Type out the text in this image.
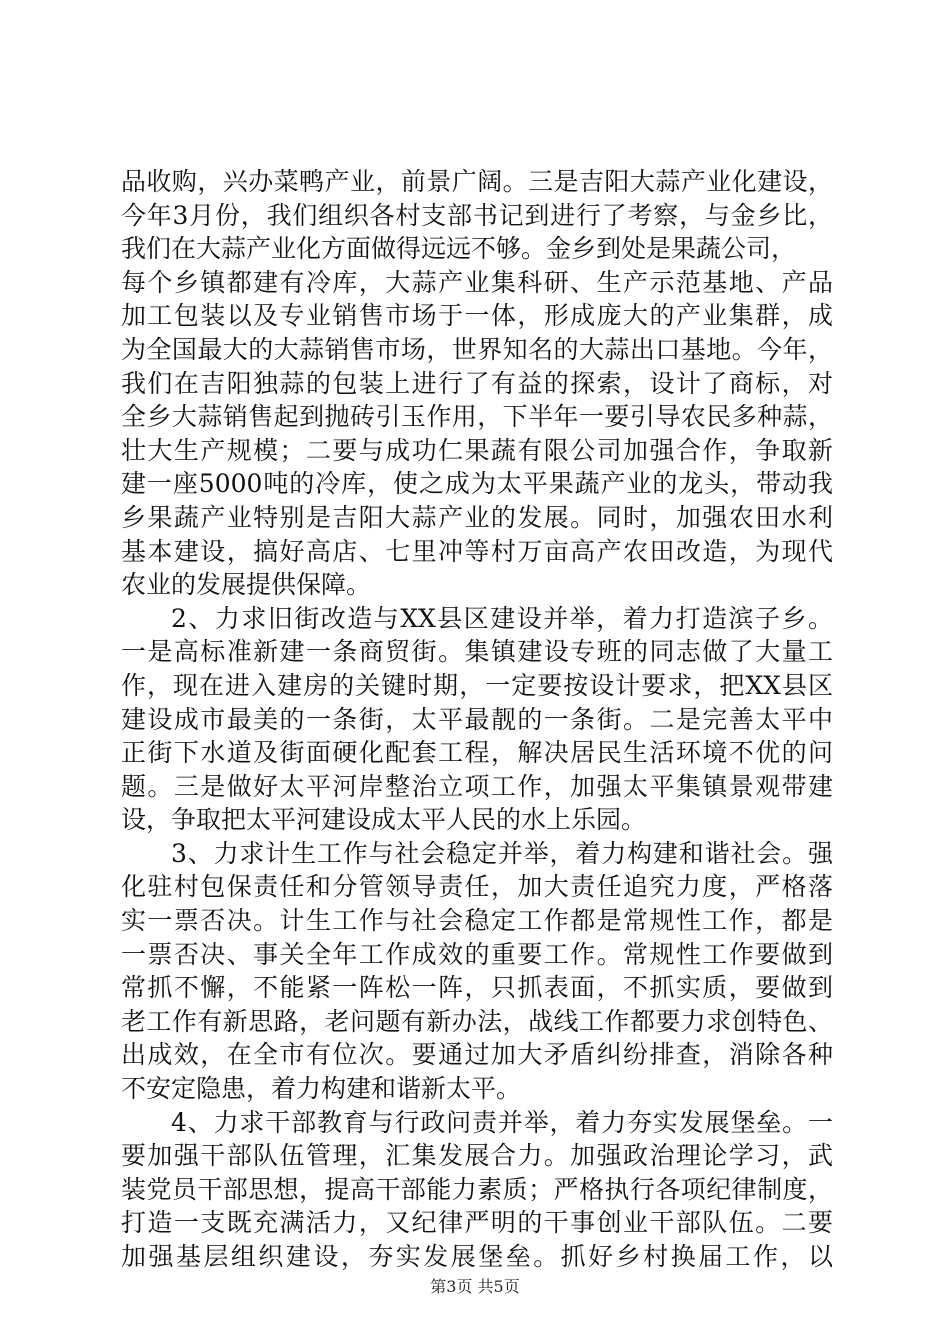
品收购，兴办菜鸭产业，前景广阔。三是吉阳大蒜产业化建设，
今年3月份，我们组织各村支部书记到进行了考察，与金乡比，
我们在大蒜产业化方面做得远远不够。金乡到处是果蔬公司，
每个乡镇都建有冷库，大蒜产业集科研、生产示范基地、产品
加工包装以及专业销售市场于一体，形成庞大的产业集群，成
为全国最大的大蒜销售市场，世界知名的大蒜出口基地。今年，
我们在吉阳独蒜的包装上进行了有益的探索，设计了商标，对
全乡大蒜销售起到抛砖引玉作用，下半年一要引导农民多种蒜，
壮大生产规模；二要与成功仁果蔬有限公司加强合作，争取新
建一座5000吨的冷库，使之成为太平果蔬产业的龙头，带动我
乡果蔬产业特别是吉阳大蒜产业的发展。同时，加强农田水利
基本建设，搞好高店、七里冲等村万亩高产农田改造，为现代
农业的发展提供保障。
2、力求旧街改造与XX县区建设并举，着力打造滨子乡。
一是高标准新建一条商贸街。集镇建设专班的同志做了大量工
作，现在进入建房的关键时期，一定要按设计要求，把XX县区
建设成市最美的一条街，太平最靓的一条街。二是完善太平中
正街下水道及街面硬化配套工程，解决居民生活环境不优的问
题。三是做好太平河岸整治立项工作，加强太平集镇景观带建
设，争取把太平河建设成太平人民的水上乐园。
3、力求计生工作与社会稳定并举，着力构建和谐社会。强
化驻村包保责任和分管领导责任，加大责任追究力度，严格落
实一票否决。计生工作与社会稳定工作都是常规性工作，都是
一票否决、事关全年工作成效的重要工作。常规性工作要做到
常抓不懈，不能紧一阵松一阵，只抓表面，不抓实质，要做到
老工作有新思路，老问题有新办法，战线工作都要力求创特色、
出成效，在全市有位次。要通过加大矛盾纠纷排查，消除各种
不安定隐患，着力构建和谐新太平。
4、力求干部教育与行政问责并举，着力夯实发展堡垒。一
要加强干部队伍管理，汇集发展合力。加强政治理论学习，武
装党员干部思想，提高干部能力素质；严格执行各项纪律制度，
打造一支既充满活力，又纪律严明的干事创业干部队伍。二要
加强基层组织建设，夯实发展堡垒。抓好乡村换届工作，以
第3页 共5页
